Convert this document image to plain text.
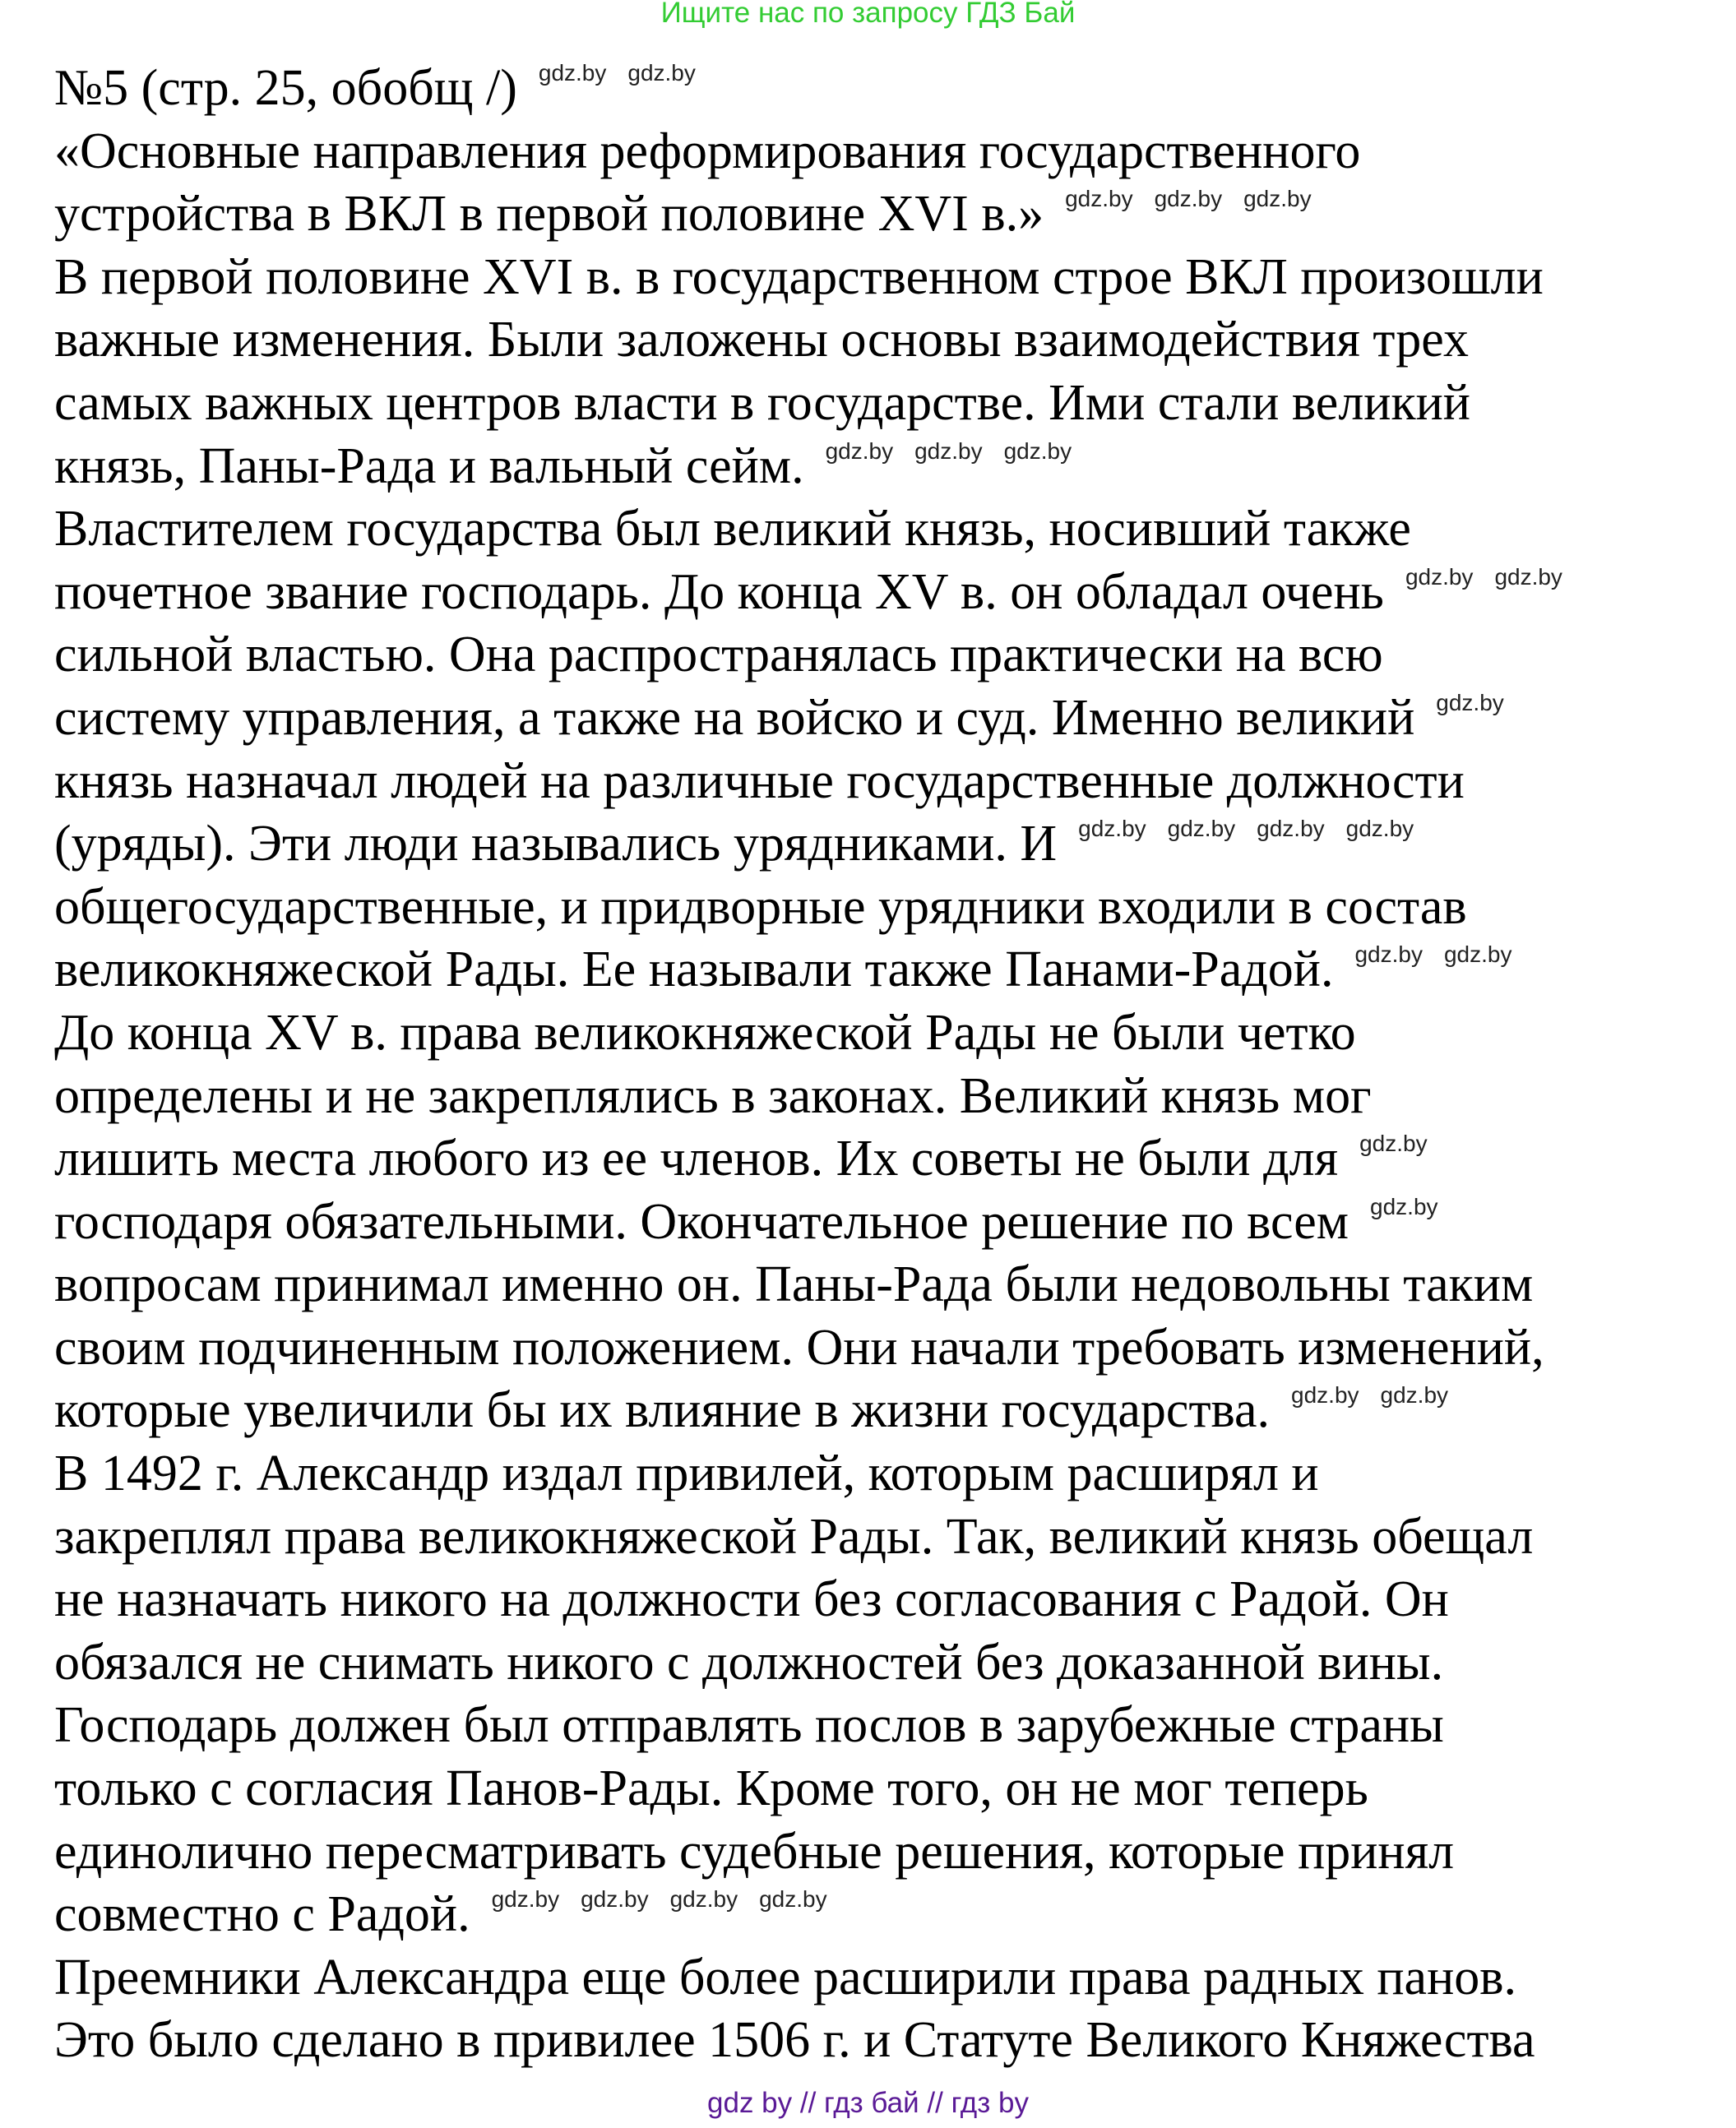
Ищите нас по запросу ГДЗ Бай
№5 (стр. 25, обобщ /) gdz.by gdz.by
«Основные направления реформирования государственного
устройства в ВКЛ в первой половине XVI в.» gdz.by gdz.by gdz.by
В первой половине XVI в. в государственном строе ВКЛ произошли
важные изменения. Были заложены основы взаимодействия трех
самых важных центров власти в государстве. Ими стали великий
князь, Паны-Рада и вальный сейм. gdz.by gdz.by gdz.by
Властителем государства был великий князь, носивший также
почетное звание господарь. До конца XV в. он обладал очень gdz.by gdz.by
сильной властью. Она распространялась практически на всю
систему управления, а также на войско и суд. Именно великий gdz.by
князь назначал людей на различные государственные должности
(уряды). Эти люди назывались урядниками. И gdz.by gdz.by gdz.by gdz.by
общегосударственные, и придворные урядники входили в состав
великокняжеской Рады. Ее называли также Панами-Радой. gdz.by gdz.by
До конца XV в. права великокняжеской Рады не были четко
определены и не закреплялись в законах. Великий князь мог
лишить места любого из ее членов. Их советы не были для gdz.by
господаря обязательными. Окончательное решение по всем gdz.by
вопросам принимал именно он. Паны-Рада были недовольны таким
своим подчиненным положением. Они начали требовать изменений,
которые увеличили бы их влияние в жизни государства. gdz.by gdz.by
В 1492 г. Александр издал привилей, которым расширял и
закреплял права великокняжеской Рады. Так, великий князь обещал
не назначать никого на должности без согласования с Радой. Он
обязался не снимать никого с должностей без доказанной вины.
Господарь должен был отправлять послов в зарубежные страны
только с согласия Панов-Рады. Кроме того, он не мог теперь
единолично пересматривать судебные решения, которые принял
совместно с Радой. gdz.by gdz.by gdz.by gdz.by
Преемники Александра еще более расширили права радных панов.
Это было сделано в привилее 1506 г. и Статуте Великого Княжества
gdz by // гдз бай // гдз by
